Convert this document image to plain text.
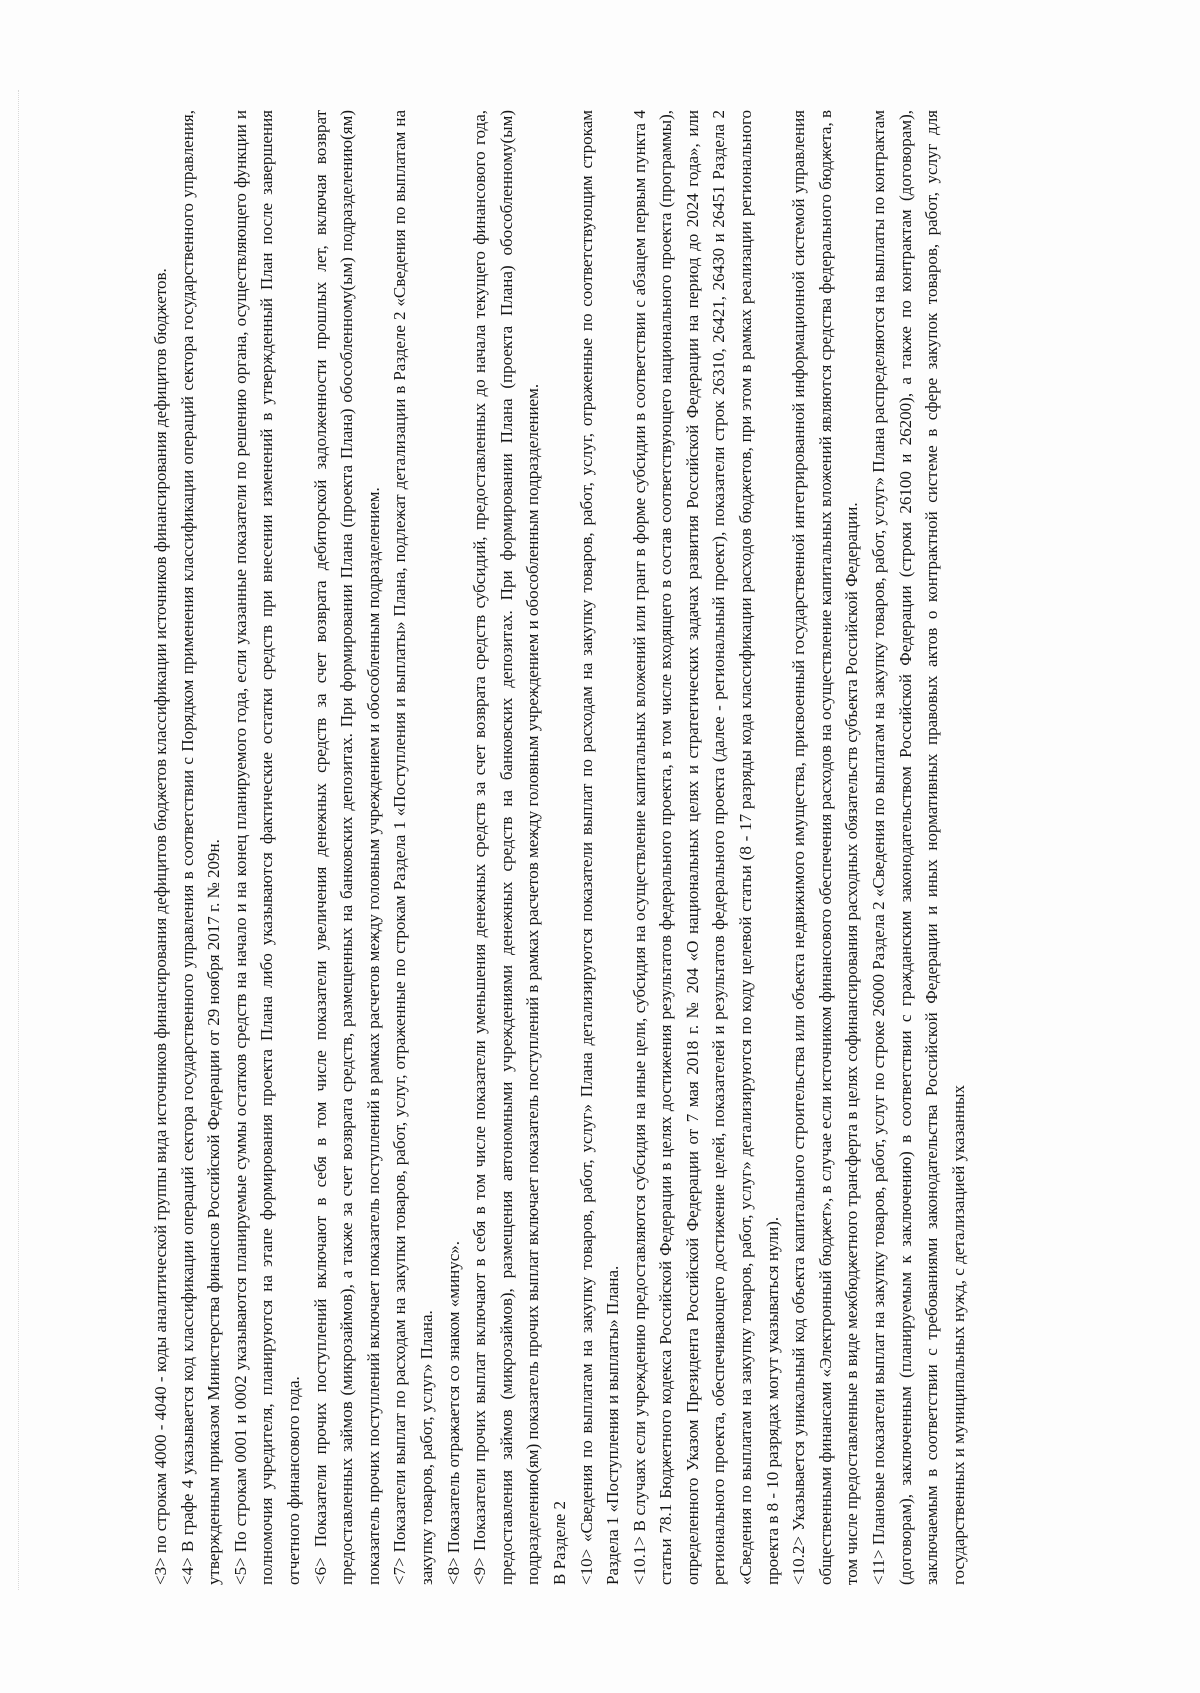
<3> по строкам 4000 - 4040 - коды аналитической группы вида источников финансирования дефицитов бюджетов классификации источников финансирования дефицитов бюджетов. <4> В графе 4 указывается код классификации операций сектора государственного управления в соответствии с Порядком применения классификации операций сектора государственного управления, утвержденным приказом Министерства финансов Российской Федерации от 29 ноября 2017 г. № 209н. <5> По строкам 0001 и 0002 указываются планируемые суммы остатков средств на начало и на конец планируемого года, если указанные показатели по решению органа, осуществляющего функции и полномочия учредителя, планируются на этапе формирования проекта Плана либо указываются фактические остатки средств при внесении изменений в утвержденный План после завершения отчетного финансового года. <6> Показатели прочих поступлений включают в себя в том числе показатели увеличения денежных средств за счет возврата дебиторской задолженности прошлых лет, включая возврат предоставленных займов (микрозаймов), а также за счет возврата средств, размещенных на банковских депозитах. При формировании Плана (проекта Плана) обособленному(ым) подразделению(ям) показатель прочих поступлений включает показатель поступлений в рамках расчетов между головным учреждением и обособленным подразделением. <7> Показатели выплат по расходам на закупки товаров, работ, услуг, отраженные по строкам Раздела 1 «Поступления и выплаты» Плана, подлежат детализации в Разделе 2 «Сведения по выплатам на закупку товаров, работ, услуг» Плана. <8> Показатель отражается со знаком «минус». <9> Показатели прочих выплат включают в себя в том числе показатели уменьшения денежных средств за счет возврата средств субсидий, предоставленных до начала текущего финансового года, предоставления займов (микрозаймов), размещения автономными учреждениями денежных средств на банковских депозитах. При формировании Плана (проекта Плана) обособленному(ым) подразделению(ям) показатель прочих выплат включает показатель поступлений в рамках расчетов между головным учреждением и обособленным подразделением. В Разделе 2 <10> «Сведения по выплатам на закупку товаров, работ, услуг» Плана детализируются показатели выплат по расходам на закупку товаров, работ, услуг, отраженные по соответствующим строкам Раздела 1 «Поступления и выплаты» Плана. <10.1> В случаях если учреждению предоставляются субсидия на иные цели, субсидия на осуществление капитальных вложений или грант в форме субсидии в соответствии с абзацем первым пункта 4 статьи 78.1 Бюджетного кодекса Российской Федерации в целях достижения результатов федерального проекта, в том числе входящего в состав соответствующего национального проекта (программы), определенного Указом Президента Российской Федерации от 7 мая 2018 г. № 204 «О национальных целях и стратегических задачах развития Российской Федерации на период до 2024 года», или регионального проекта, обеспечивающего достижение целей, показателей и результатов федерального проекта (далее - региональный проект), показатели строк 26310, 26421, 26430 и 26451 Раздела 2 «Сведения по выплатам на закупку товаров, работ, услуг» детализируются по коду целевой статьи (8 - 17 разряды кода классификации расходов бюджетов, при этом в рамках реализации регионального проекта в 8 - 10 разрядах могут указываться нули). <10.2> Указывается уникальный код объекта капитального строительства или объекта недвижимого имущества, присвоенный государственной интегрированной информационной системой управления общественными финансами «Электронный бюджет», в случае если источником финансового обеспечения расходов на осуществление капитальных вложений являются средства федерального бюджета, в том числе предоставленные в виде межбюджетного трансферта в целях софинансирования расходных обязательств субъекта Российской Федерации. <11> Плановые показатели выплат на закупку товаров, работ, услуг по строке 26000 Раздела 2 «Сведения по выплатам на закупку товаров, работ, услуг» Плана распределяются на выплаты по контрактам (договорам), заключенным (планируемым к заключению) в соответствии с гражданским законодательством Российской Федерации (строки 26100 и 26200), а также по контрактам (договорам), заключаемым в соответствии с требованиями законодательства Российской Федерации и иных нормативных правовых актов о контрактной системе в сфере закупок товаров, работ, услуг для государственных и муниципальных нужд, с детализацией указанных
